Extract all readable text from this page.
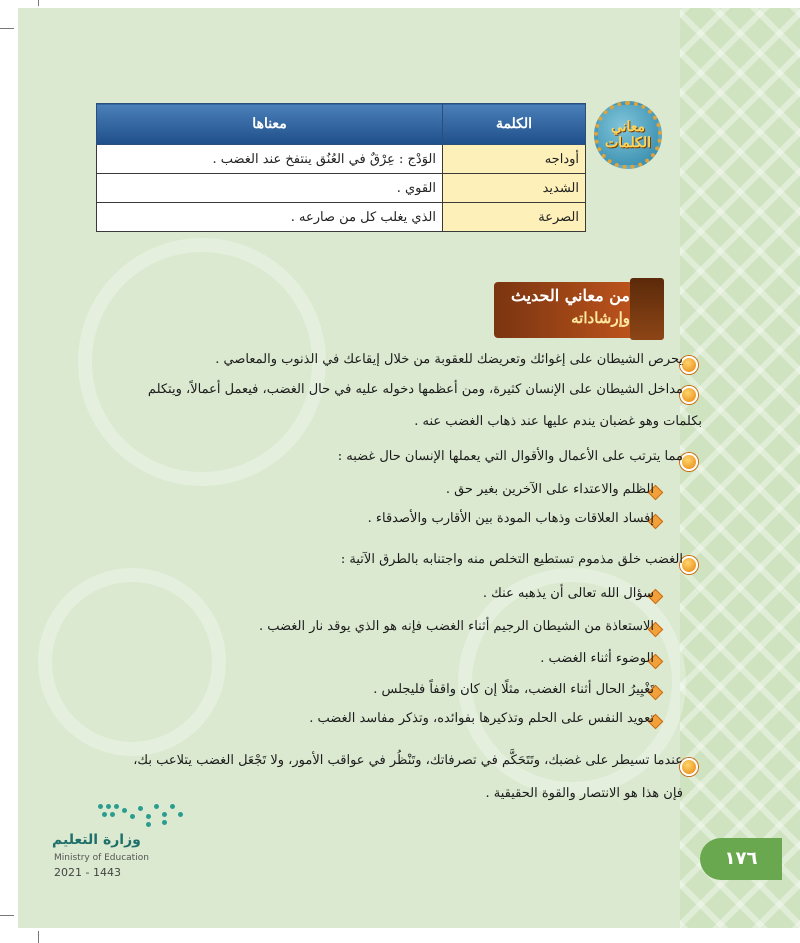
معاني
الكلمات
الكلمة	معناها
أوداجه	الوَدْج : عِرْقٌ في العُنُق ينتفخ عند الغضب .
الشديد	القوي .
الصرعة	الذي يغلب كل من صارعه .
من معاني الحديث
وإرشاداته
يحرص الشيطان على إغوائك وتعريضك للعقوبة من خلال إيقاعك في الذنوب والمعاصي .
مداخل الشيطان على الإنسان كثيرة، ومن أعظمها دخوله عليه في حال الغضب، فيعمل أعمالاً، ويتكلم
بكلمات وهو غضبان يندم عليها عند ذهاب الغضب عنه .
مما يترتب على الأعمال والأقوال التي يعملها الإنسان حال غضبه :
الظلم والاعتداء على الآخرين بغير حق .
إفساد العلاقات وذهاب المودة بين الأقارب والأصدقاء .
الغضب خلق مذموم تستطيع التخلص منه واجتنابه بالطرق الآتية :
سؤال الله تعالى أن يذهبه عنك .
الاستعاذة من الشيطان الرجيم أثناء الغضب فإنه هو الذي يوقد نار الغضب .
الوضوء أثناء الغضب .
تَغْيِيرُ الحال أثناء الغضب، مثلًا إن كان واقفاً فليجلس .
تعويد النفس على الحلم وتذكيرها بفوائده، وتذكر مفاسد الغضب .
عندما تسيطر على غضبك، وتَتَحَكَّم في تصرفاتك، وتَنْظُر في عواقب الأمور، ولا تَجْعَل الغضب يتلاعب بك،
فإن هذا هو الانتصار والقوة الحقيقية .
وزارة التعليم
Ministry of Education
2021 - 1443
١٧٦
